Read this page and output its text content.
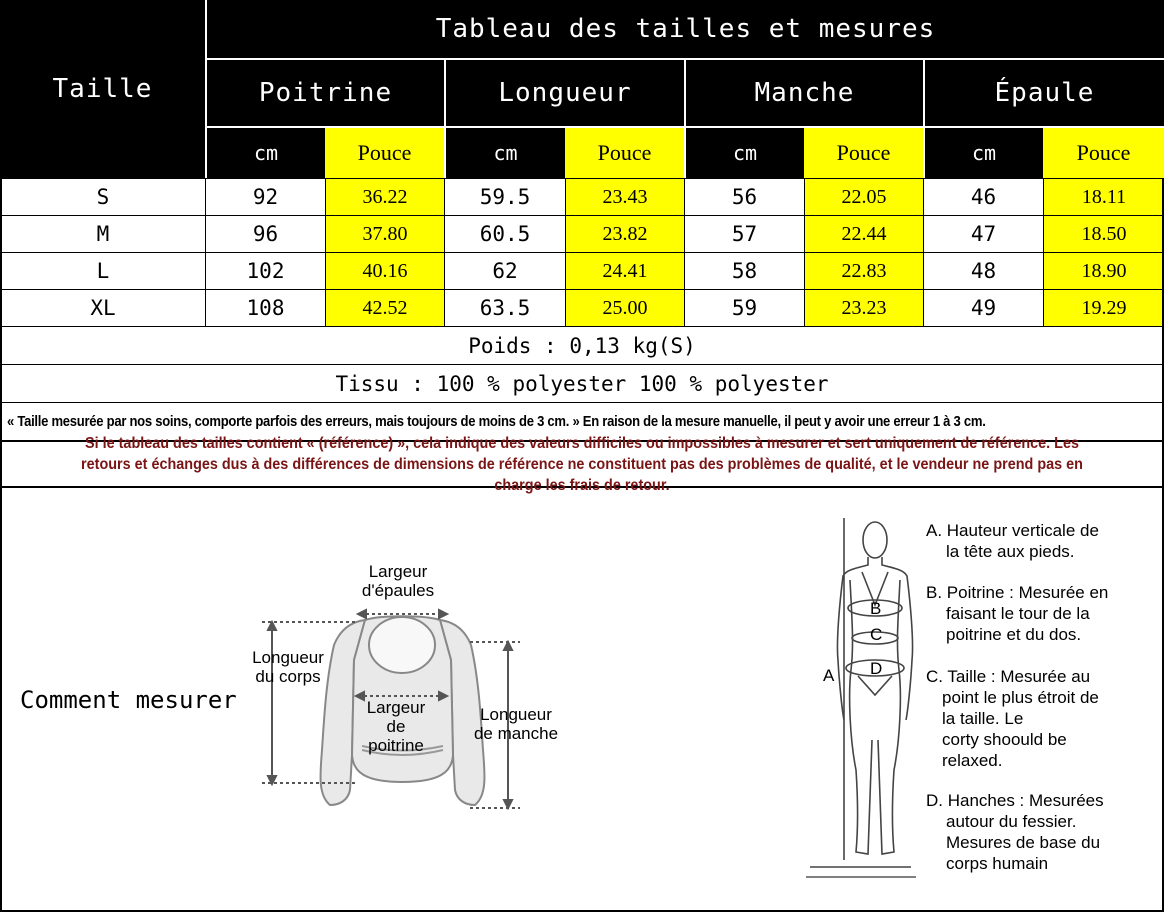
Taille
Tableau des tailles et mesures
Poitrine	Longueur	Manche	Épaule
cm	Pouce	cm	Pouce	cm	Pouce	cm	Pouce
S	92	36.22	59.5	23.43	56	22.05	46	18.11
M	96	37.80	60.5	23.82	57	22.44	47	18.50
L	102	40.16	62	24.41	58	22.83	48	18.90
XL	108	42.52	63.5	25.00	59	23.23	49	19.29
Poids : 0,13 kg(S)
Tissu : 100 % polyester 100 % polyester
« Taille mesurée par nos soins, comporte parfois des erreurs, mais toujours de moins de 3 cm. » En raison de la mesure manuelle, il peut y avoir une erreur 1 à 3 cm.
Si le tableau des tailles contient « (référence) », cela indique des valeurs difficiles ou impossibles à mesurer et sert uniquement de référence. Les retours et échanges dus à des différences de dimensions de référence ne constituent pas des problèmes de qualité, et le vendeur ne prend pas en charge les frais de retour.
Comment mesurer
Largeur
d'épaules
Longueur
du corps
Largeur
de
poitrine
Longueur
de manche
A
B
C
D
A. Hauteur verticale de
la tête aux pieds.
B. Poitrine : Mesurée en
faisant le tour de la
poitrine et du dos.
C. Taille : Mesurée au
point le plus étroit de
la taille. Le
corty shoould be
relaxed.
D. Hanches : Mesurées
autour du fessier.
Mesures de base du
corps humain
